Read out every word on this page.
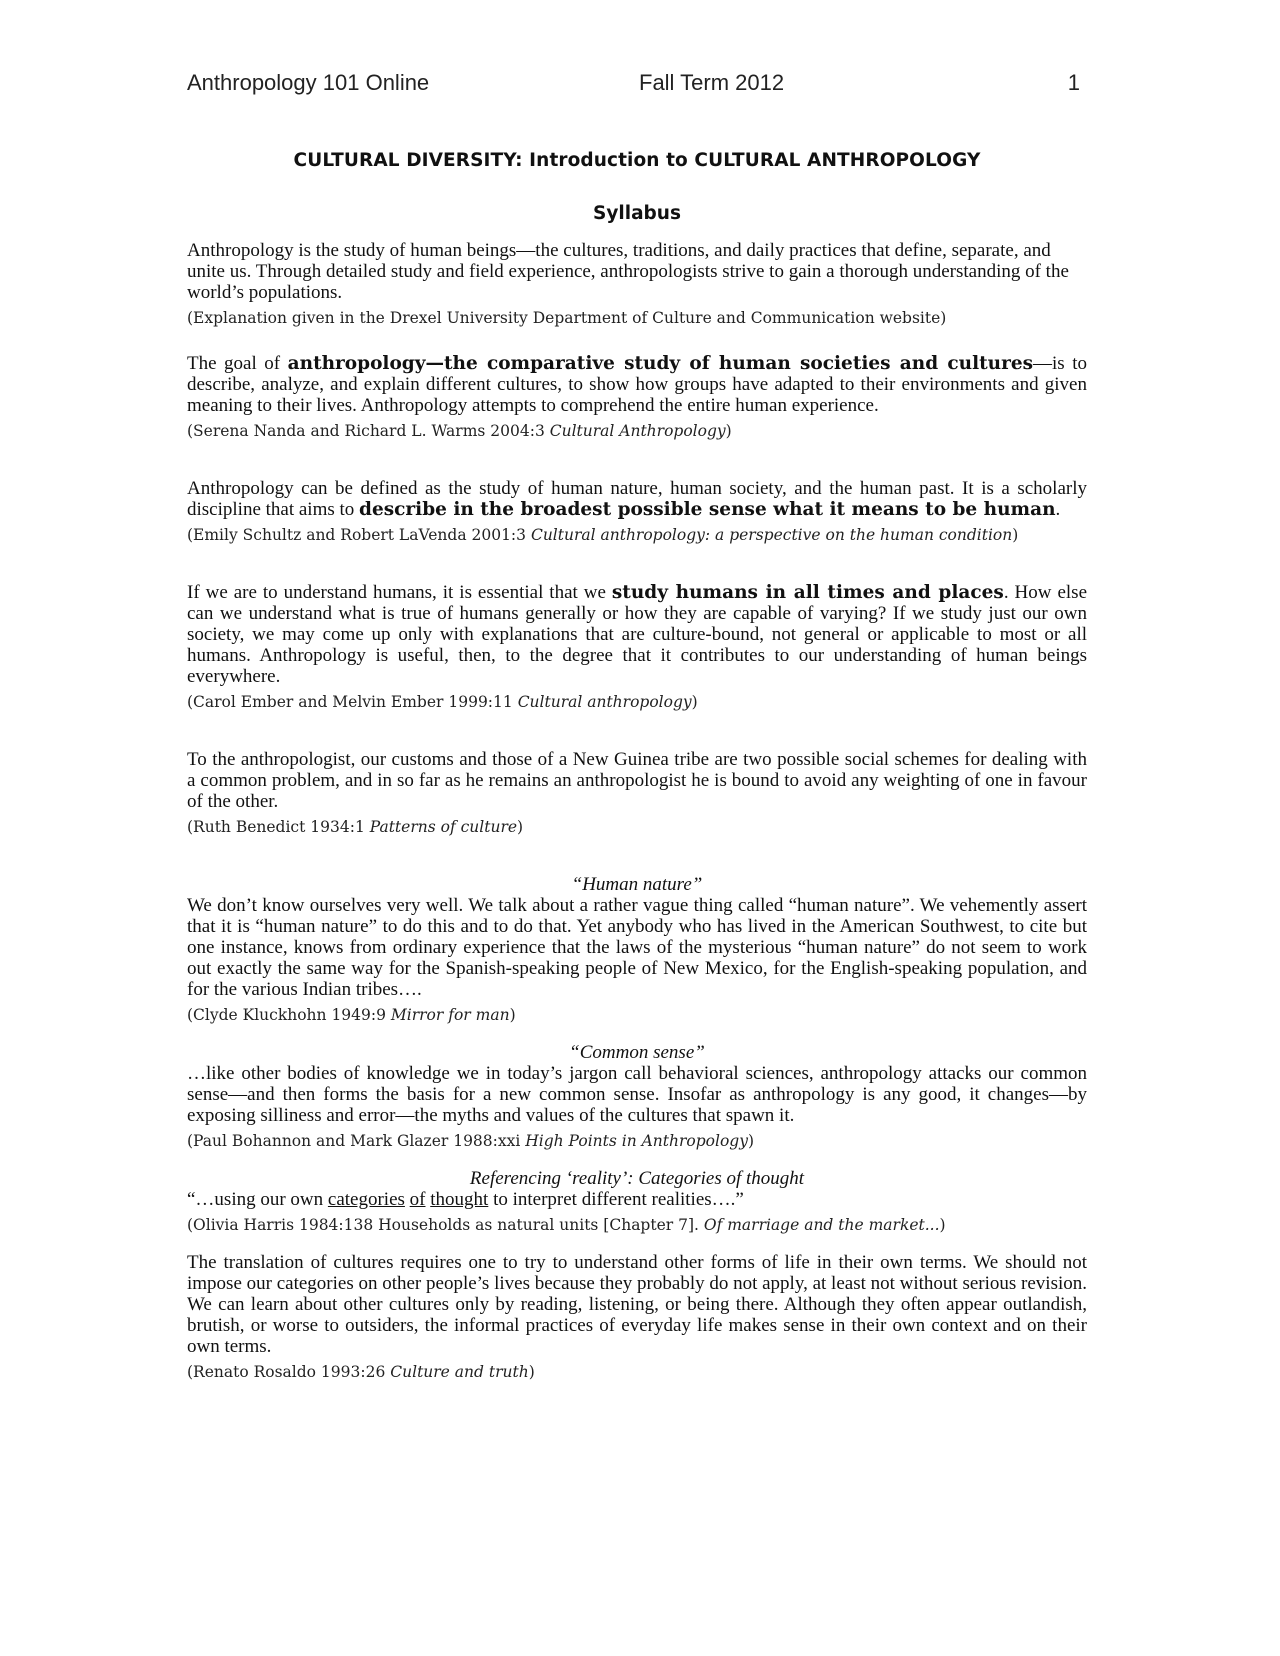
Anthropology 101 Online	Fall Term 2012	1
CULTURAL DIVERSITY: Introduction to CULTURAL ANTHROPOLOGY
Syllabus

Anthropology is the study of human beings—the cultures, traditions, and daily practices that define, separate, and unite us. Through detailed study and field experience, anthropologists strive to gain a thorough understanding of the world’s populations.

(Explanation given in the Drexel University Department of Culture and Communication website)

The goal of anthropology—the comparative study of human societies and cultures—is to describe, analyze, and explain different cultures, to show how groups have adapted to their environments and given meaning to their lives. Anthropology attempts to comprehend the entire human experience.

(Serena Nanda and Richard L. Warms 2004:3 Cultural Anthropology)

Anthropology can be defined as the study of human nature, human society, and the human past. It is a scholarly discipline that aims to describe in the broadest possible sense what it means to be human.

(Emily Schultz and Robert LaVenda 2001:3 Cultural anthropology: a perspective on the human condition)

If we are to understand humans, it is essential that we study humans in all times and places. How else can we understand what is true of humans generally or how they are capable of varying? If we study just our own society, we may come up only with explanations that are culture-bound, not general or applicable to most or all humans. Anthropology is useful, then, to the degree that it contributes to our understanding of human beings everywhere.

(Carol Ember and Melvin Ember 1999:11 Cultural anthropology)

To the anthropologist, our customs and those of a New Guinea tribe are two possible social schemes for dealing with a common problem, and in so far as he remains an anthropologist he is bound to avoid any weighting of one in favour of the other.

(Ruth Benedict 1934:1 Patterns of culture)

“Human nature”

We don’t know ourselves very well. We talk about a rather vague thing called “human nature”. We vehemently assert that it is “human nature” to do this and to do that. Yet anybody who has lived in the American Southwest, to cite but one instance, knows from ordinary experience that the laws of the mysterious “human nature” do not seem to work out exactly the same way for the Spanish-speaking people of New Mexico, for the English-speaking population, and for the various Indian tribes….

(Clyde Kluckhohn 1949:9 Mirror for man)

“Common sense”

…like other bodies of knowledge we in today’s jargon call behavioral sciences, anthropology attacks our common sense—and then forms the basis for a new common sense. Insofar as anthropology is any good, it changes—by exposing silliness and error—the myths and values of the cultures that spawn it.

(Paul Bohannon and Mark Glazer 1988:xxi High Points in Anthropology)

Referencing ‘reality’: Categories of thought

“…using our own categories of thought to interpret different realities….”

(Olivia Harris 1984:138 Households as natural units [Chapter 7]. Of marriage and the market...)

The translation of cultures requires one to try to understand other forms of life in their own terms. We should not impose our categories on other people’s lives because they probably do not apply, at least not without serious revision. We can learn about other cultures only by reading, listening, or being there. Although they often appear outlandish, brutish, or worse to outsiders, the informal practices of everyday life makes sense in their own context and on their own terms.

(Renato Rosaldo 1993:26 Culture and truth)
